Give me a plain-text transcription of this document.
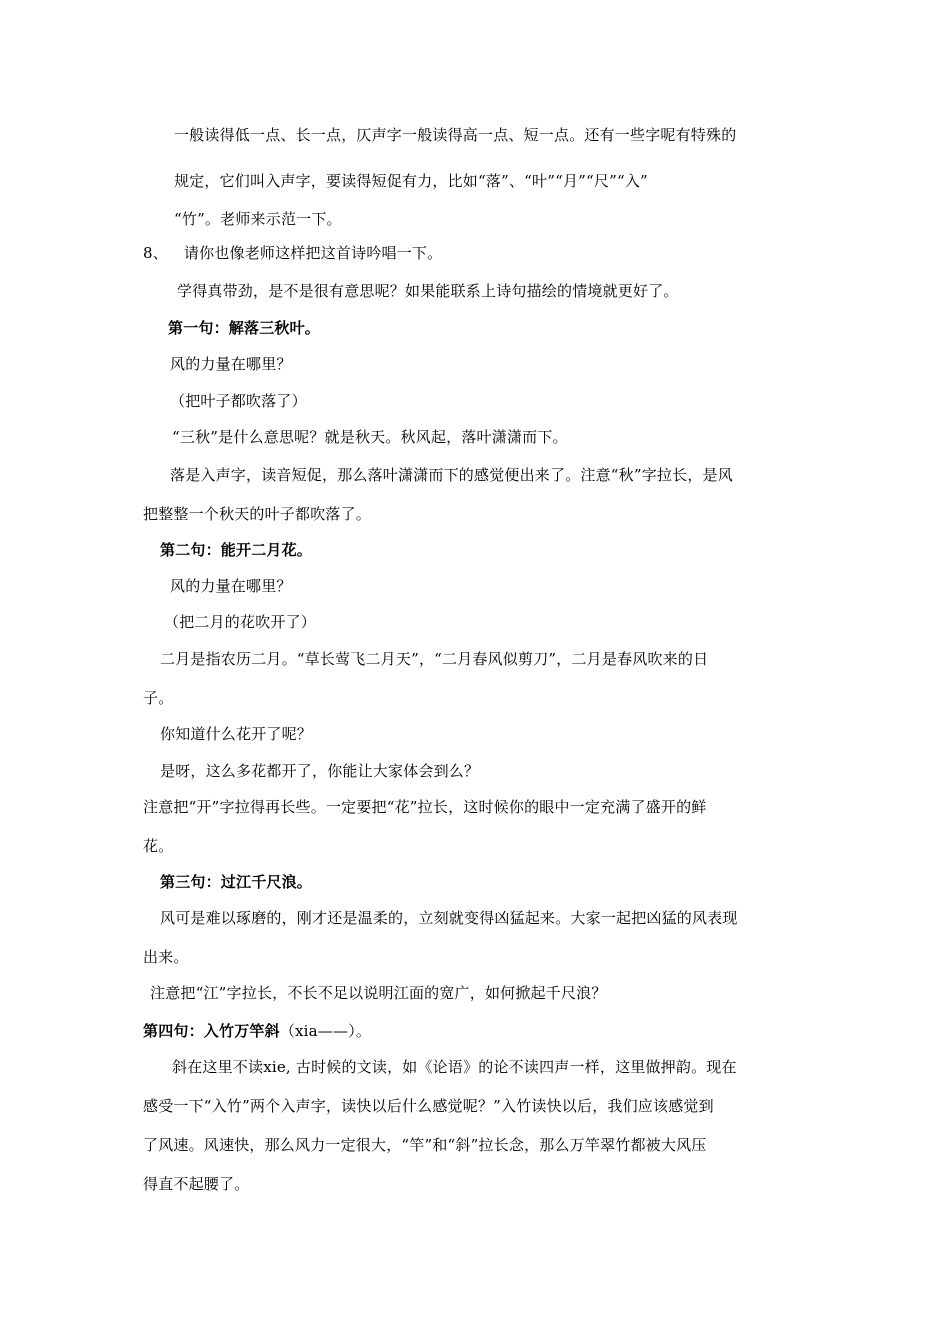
一般读得低一点、长一点，仄声字一般读得高一点、短一点。还有一些字呢有特殊的
规定，它们叫入声字，要读得短促有力，比如“落”、“叶”“月”“尺”“入”
“竹”。老师来示范一下。
8、 请你也像老师这样把这首诗吟唱一下。
学得真带劲，是不是很有意思呢？如果能联系上诗句描绘的情境就更好了。
第一句：解落三秋叶。
风的力量在哪里？
（把叶子都吹落了）
“三秋”是什么意思呢？就是秋天。秋风起，落叶潇潇而下。
落是入声字，读音短促，那么落叶潇潇而下的感觉便出来了。注意“秋”字拉长，是风
把整整一个秋天的叶子都吹落了。
第二句：能开二月花。
风的力量在哪里？
（把二月的花吹开了）
二月是指农历二月。“草长莺飞二月天”，“二月春风似剪刀”，二月是春风吹来的日
子。
你知道什么花开了呢？
是呀，这么多花都开了，你能让大家体会到么？
注意把“开”字拉得再长些。一定要把“花”拉长，这时候你的眼中一定充满了盛开的鲜
花。
第三句：过江千尺浪。
风可是难以琢磨的，刚才还是温柔的，立刻就变得凶猛起来。大家一起把凶猛的风表现
出来。
注意把“江”字拉长，不长不足以说明江面的宽广，如何掀起千尺浪？
第四句：入竹万竿斜（xia——）。
斜在这里不读xie, 古时候的文读，如《论语》的论不读四声一样，这里做押韵。现在
感受一下“入竹”两个入声字，读快以后什么感觉呢？”入竹读快以后，我们应该感觉到
了风速。风速快，那么风力一定很大，“竿”和“斜”拉长念，那么万竿翠竹都被大风压
得直不起腰了。
